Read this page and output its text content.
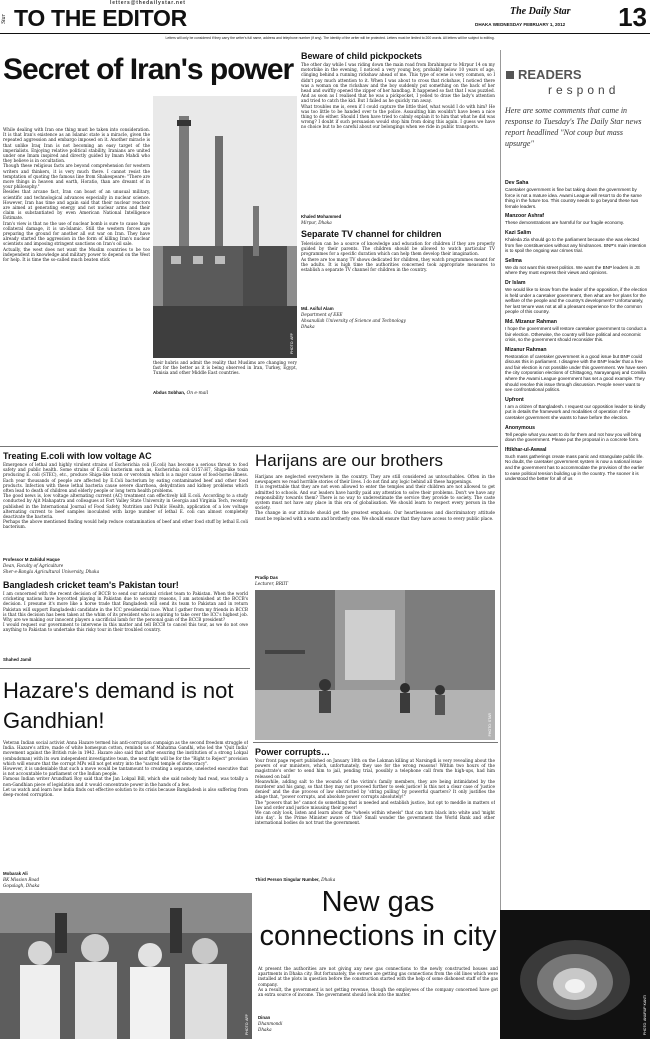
Star TO THE EDITOR
letters@thedailystar.net
The Daily Star
DHAKA WEDNESDAY FEBRUARY 1, 2012	13
Letters will only be considered if they carry the writer's full name, address and telephone number (if any). The identity of the writer will be protected. Letters must be limited to 200 words. All letters will be subject to editing.
Secret of Iran's power
While dealing with Iran one thing must be taken into consideration. It is that Iran's existence as an Islamic state is a miracle, given the repeated aggression and embargo imposed on it. Another miracle is that unlike Iraq Iran is not becoming an easy target of the imperialists. Enjoying relative political stability, Iranians are united under one Imam inspired and directly guided by Imam Mahdi who they believe is in occultation.
Though these religious facts are beyond comprehension for western writers and thinkers, it is very much there. I cannot resist the temptation of quoting the famous line from Shakespeare: "There are more things in heaven and earth, Horatio, than are dreamt of in your philosophy."
Besides that arcane fact, Iran can boast of an unusual military, scientific and technological advances especially in nuclear science. However, Iran has time and again said that their nuclear reactors are aimed at generating energy and not nuclear arms and their claim is substantiated by even American National Intelligence Estimate.
Iran's view is that no the use of nuclear bomb is sure to cause huge collateral damage, it is un-Islamic. Still the western forces are preparing the ground for another all out war on Iran. They have already started the aggression in the form of killing Iran's nuclear scientists and imposing stringent sanctions on Iran's oil sale.
Actually, the west does not want the Muslim countries to be too independent in knowledge and military power to depend on the West for help. It is time the so-called much beaten stick
PHOTO: AFP
their hubris and admit the reality that Muslims are changing very fast for the better as it is being observed in Iran, Turkey, Egypt, Tunisia and other Middle East countries.
Abdus Sobhan, On e-mail
Beware of child pickpockets
The other day while I was riding down the main road from Ibrahimpur to Mirpur 14 on my motorbike in the evening, I noticed a very young boy, probably below 10 years of age, clinging behind a running rickshaw ahead of me. This type of scene is very common, so I didn't pay much attention to it. When I was about to cross that rickshaw, I noticed there was a woman on the rickshaw and the boy suddenly put something on the back of her head and swiftly opened the zipper of her handbag. It happened so fast that I was puzzled. And as soon as I realised that he was a pickpocket, I yelled to draw the lady's attention and tried to catch the kid. But I failed as he quickly ran away.
What troubles me is, even if I could capture the little thief, what would I do with him? He was too little to be handed over to the police. Assaulting him wouldn't have been a nice thing to do either. Should I then have tried to calmly explain it to him that what he did was wrong? I doubt if such persuasion would stop him from doing this again. I guess we have no choice but to be careful about our belongings when we ride in public transports.
Khaled Mohammed
Mirpur, Dhaka
Separate TV channel for children
Television can be a source of knowledge and education for children if they are properly guided by their parents. The children should be allowed to watch particular TV programmes for a specific duration which can help them develop their imagination.
As there are too many TV shows dedicated for children, they watch programmes meant for the adults. It is high time the authorities concerned took appropriate measures to establish a separate TV channel for children in the country.
Md. Asiful Alam
Department of EEE
Ahsanullah University of Science and Technology
Dhaka
READERS
respond
Here are some comments that came in response to Tuesday's The Daily Star news report headlined "Not coup but mass upsurge"
Dev Saha
Caretaker government is fine but taking down the government by force is not a mature idea. Awami League will resort to do the same thing in the future too. This country needs to go beyond these two female leaders.
Manzoor Ashraf
These demonstrations are harmful for our fragile economy.
Kazi Salim
Khaleda Zia should go to the parliament because she was elected from five constituencies without any hindrances. BNP's main intention is to spoil the ongoing war crimes trial.
Sellma
We do not want this street politics. We want the BNP leaders in JS where they must express their views and opinions.
Dr Islam
We would like to know from the leader of the opposition, if the election is held under a caretaker government, then what are her plans for the welfare of the people and the country's development? Unfortunately, her last tenure was not at all a pleasant experience for the common people of this country.
Md. Mizanur Rahman
I hope the government will restore caretaker government to conduct a fair election. Otherwise, the country will face political and economic crisis, so the government should reconsider this.
Mizanur Rahman
Restoration of caretaker government is a good issue but BNP could discuss this in parliament. I disagree with the BNP leader that a free and fair election is not possible under this government. We have seen the city corporation elections of Chittagong, Narayanganj and Comilla where the Awami League government has set a good example. They should resolve this issue through discussion. People never want to see confrontational politics.
Upfront
I am a citizen of Bangladesh. I request our opposition leader to kindly put in details the framework and modalities of operation of the caretaker government she wants to have before the election.
Anonymous
Tell people what you want to do for them and not how you will bring down the government. Please put the proposal in a concrete form.
Iftikhar-ul-Awwal
Such mass gatherings create mass panic and strangulate public life. No doubt, the caretaker government system is now a national issue and the government has to accommodate the provision of the earlier to ease political tension building up in the country. The sooner it is understood the better for all of us
Treating E.coli with low voltage AC
Emergence of lethal and highly virulent strains of Escherichia coli (E.coli) has become a serious threat to food safety and public health. Some strains of E.coli bacterium such as, Escherichia coli O157:H7, Shiga-like toxin producing E. coli (STEC), etc., produce Shiga-like toxin or verotoxin which is a major cause of food-borne illness. Each year thousands of people are affected by E.Coli bacterium by eating contaminated beef and other food products. Infection with these lethal bacteria cause severe diarrhoea, dehydration and kidney problems which often lead to death of children and elderly people or long term health problems.
The good news is, low voltage alternating current (AC) treatment can effectively kill E.coli. According to a study conducted by Ajit Mahapatra and colleagues at Fort Valley State University in Georgia and Virginia Tech, recently published in the International Journal of Food Safety, Nutrition and Public Health, application of a low voltage alternating current to beef samples inoculated with large number of lethal E. coli can almost completely deactivate the bacteria.
Perhaps the above mentioned finding would help reduce contamination of beef and other food stuff by lethal E.coli bacterium.
Professor M Zahidul Haque
Dean, Faculty of Agriculture
Sher-e-Bangla Agricultural University, Dhaka
Bangladesh cricket team's Pakistan tour!
I am concerned with the recent decision of BCCB to send our national cricket team to Pakistan. When the world cricketing nations have boycotted playing in Pakistan due to security reasons, I am astonished at the BCCB's decision. I presume it's more like a horse trade that Bangladesh will send its team to Pakistan and in return Pakistan will support Bangladeshi candidate in the ICC presidential race. What I gather from my friends in BCCB is that this decision has been taken at the whim of its president who is aspiring to take over the ICC's highest job. Why are we making our innocent players a sacrificial lamb for the personal gain of the BCCB president?
I would request our government to intervene in this matter and tell BCCB to cancel this tour, as we do not owe anything to Pakistan to undertake this risky tour in their troubled country.
Shahed Jamil
Harijans are our brothers
Harijans are neglected everywhere in the country. They are still considered as untouchables. Often in the newspapers we read horrible stories of their lives. I do not find any logic behind all these happenings.
It is regrettable that they are not even allowed to enter the temples and their children are not allowed to get admitted to schools. And our leaders have hardly paid any attention to solve their problems. Don't we have any responsibility towards them? There is no way to underestimate the service they provide to society. The caste system must not have any place in this era of globalisation. We should learn to respect every person in the society.
The change in our attitude should get the greatest emphasis. Our heartlessness and discriminatory attitude must be replaced with a warm and brotherly one. We should ensure that they have access to every public place.
Pradip Das
Lecturer, BRIIT
PHOTO: STAR
Hazare's demand is not Gandhian!
Veteran Indian social activist Anna Hazare termed his anti-corruption campaign as the second freedom struggle of India. Hazare's attire, made of white homespun cotton, reminds us of Mahatma Gandhi, who led the 'Quit India' movement against the British rule in 1942. Hazare also said that after ensuring the institution of a strong Lokpal (ombudsman) with its own independent investigative team, the next fight will be for the "Right to Reject" provision which will ensure that the corrupt MPs will not get entry into the "sacred temple of democracy".
However, it is undeniable that such a move would be tantamount to creating a separate, unelected executive that is not accountable to parliament or the Indian people.
Famous Indian writer Arundhati Roy said that the Jan Lokpal Bill, which she said nobody had read, was totally a non-Gandhian piece of legislation and it would concentrate power in the hands of a few.
Let us watch and learn how India finds out effective solution to its crisis because Bangladesh is also suffering from deep-rooted corruption.
Mobarak Ali
BK Mission Road
Gopalagh, Dhaka
PHOTO: AFP
Power corrupts…
Your front page report published on January 18th on the Lokman killing at Narsingdi is very revealing about the powers of our ministers, which, unfortunately, they use for the wrong reasons! Within two hours of the magistrate's order to send him to jail, pending trial, possibly a telephone call from the high-ups, had him released on bail!
Meanwhile, adding salt to the wounds of the victim's family members, they are being intimidated by the murderer and his gang, so that they may not proceed further to seek justice! Is this not a clear case of 'justice denied' and the due process of law obstructed by 'string pulling' by powerful quarters? It only justifies the adage that, "power corrupts, and absolute power corrupts absolutely!"
The "powers that be" cannot do something that is needed and establish justice, but opt to meddle in matters of law and order and justice misusing their power!
We can only look, listen and learn about the "wheels within wheels" that can turn black into white and 'might into day'. Is the Prime Minister aware of this? Small wonder the government the World Bank and other international bodies do not trust the government.
Third Person Singular Number, Dhaka
New gas connections in city
At present the authorities are not giving any new gas connections to the newly constructed houses and apartments in Dhaka city. But fortunately, the owners are getting gas connections from the old lines which were installed at the plots in question before the construction started with the help of some dishonest staff of the gas company.
As a result, the government is not getting revenue, though the employees of the company concerned have got an extra source of income. The government should look into the matter.
Dinan
Dhanmondi
Dhaka	PHOTO: ANURUP KANTI
